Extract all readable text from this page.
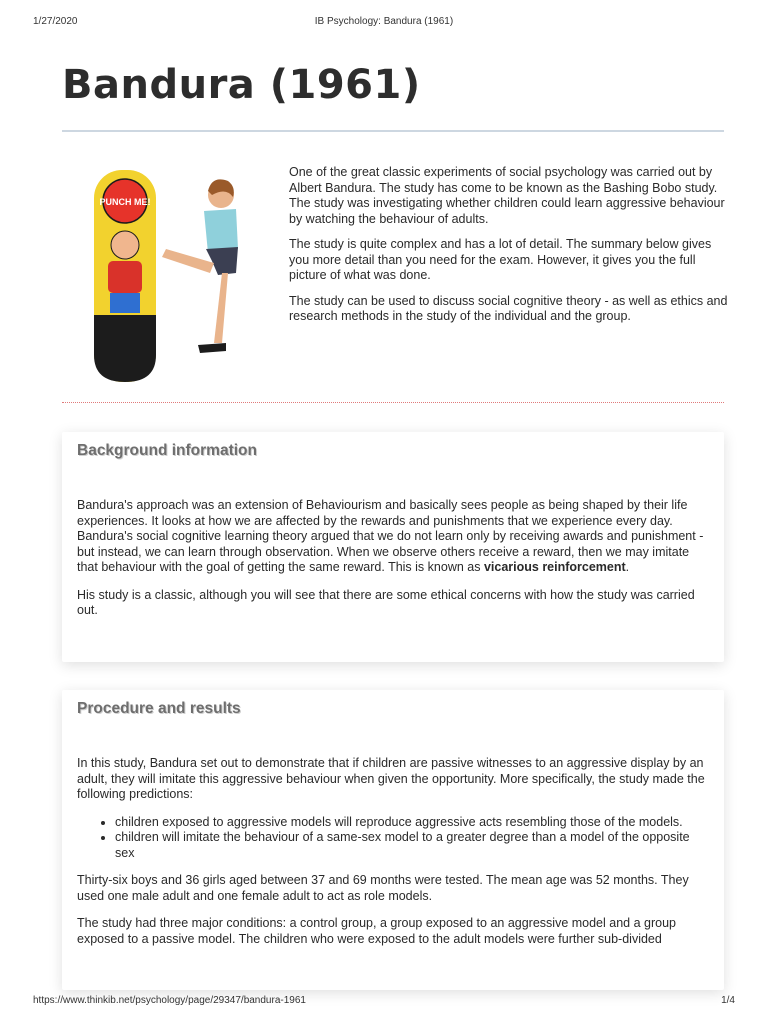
1/27/2020	IB Psychology: Bandura (1961)
Bandura (1961)
PUNCH ME!

One of the great classic experiments of social psychology was carried out by Albert Bandura. The study has come to be known as the Bashing Bobo study. The study was investigating whether children could learn aggressive behaviour by watching the behaviour of adults.

The study is quite complex and has a lot of detail. The summary below gives you more detail than you need for the exam. However, it gives you the full picture of what was done.

The study can be used to discuss social cognitive theory - as well as ethics and research methods in the study of the individual and the group.

Background information

Bandura's approach was an extension of Behaviourism and basically sees people as being shaped by their life experiences. It looks at how we are affected by the rewards and punishments that we experience every day. Bandura's social cognitive learning theory argued that we do not learn only by receiving awards and punishment - but instead, we can learn through observation. When we observe others receive a reward, then we may imitate that behaviour with the goal of getting the same reward. This is known as vicarious reinforcement.

His study is a classic, although you will see that there are some ethical concerns with how the study was carried out.

Procedure and results

In this study, Bandura set out to demonstrate that if children are passive witnesses to an aggressive display by an adult, they will imitate this aggressive behaviour when given the opportunity. More specifically, the study made the following predictions:

• children exposed to aggressive models will reproduce aggressive acts resembling those of the models.
• children will imitate the behaviour of a same-sex model to a greater degree than a model of the opposite sex

Thirty-six boys and 36 girls aged between 37 and 69 months were tested. The mean age was 52 months. They used one male adult and one female adult to act as role models.

The study had three major conditions: a control group, a group exposed to an aggressive model and a group exposed to a passive model. The children who were exposed to the adult models were further sub-divided

https://www.thinkib.net/psychology/page/29347/bandura-1961	1/4
